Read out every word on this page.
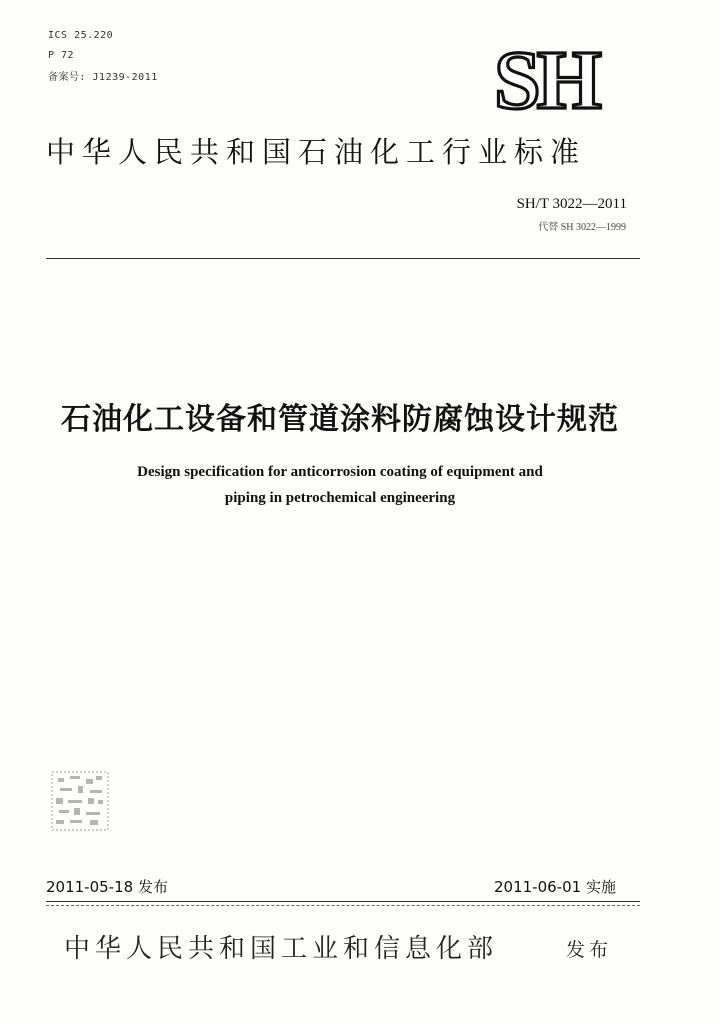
ICS 25.220
P 72
备案号: J1239-2011	SH
中华人民共和国石油化工行业标准
SH/T 3022—2011
代替 SH 3022—1999
石油化工设备和管道涂料防腐蚀设计规范
Design specification for anticorrosion coating of equipment and
piping in petrochemical engineering
2011-05-18 发布	2011-06-01 实施
中华人民共和国工业和信息化部	发布
